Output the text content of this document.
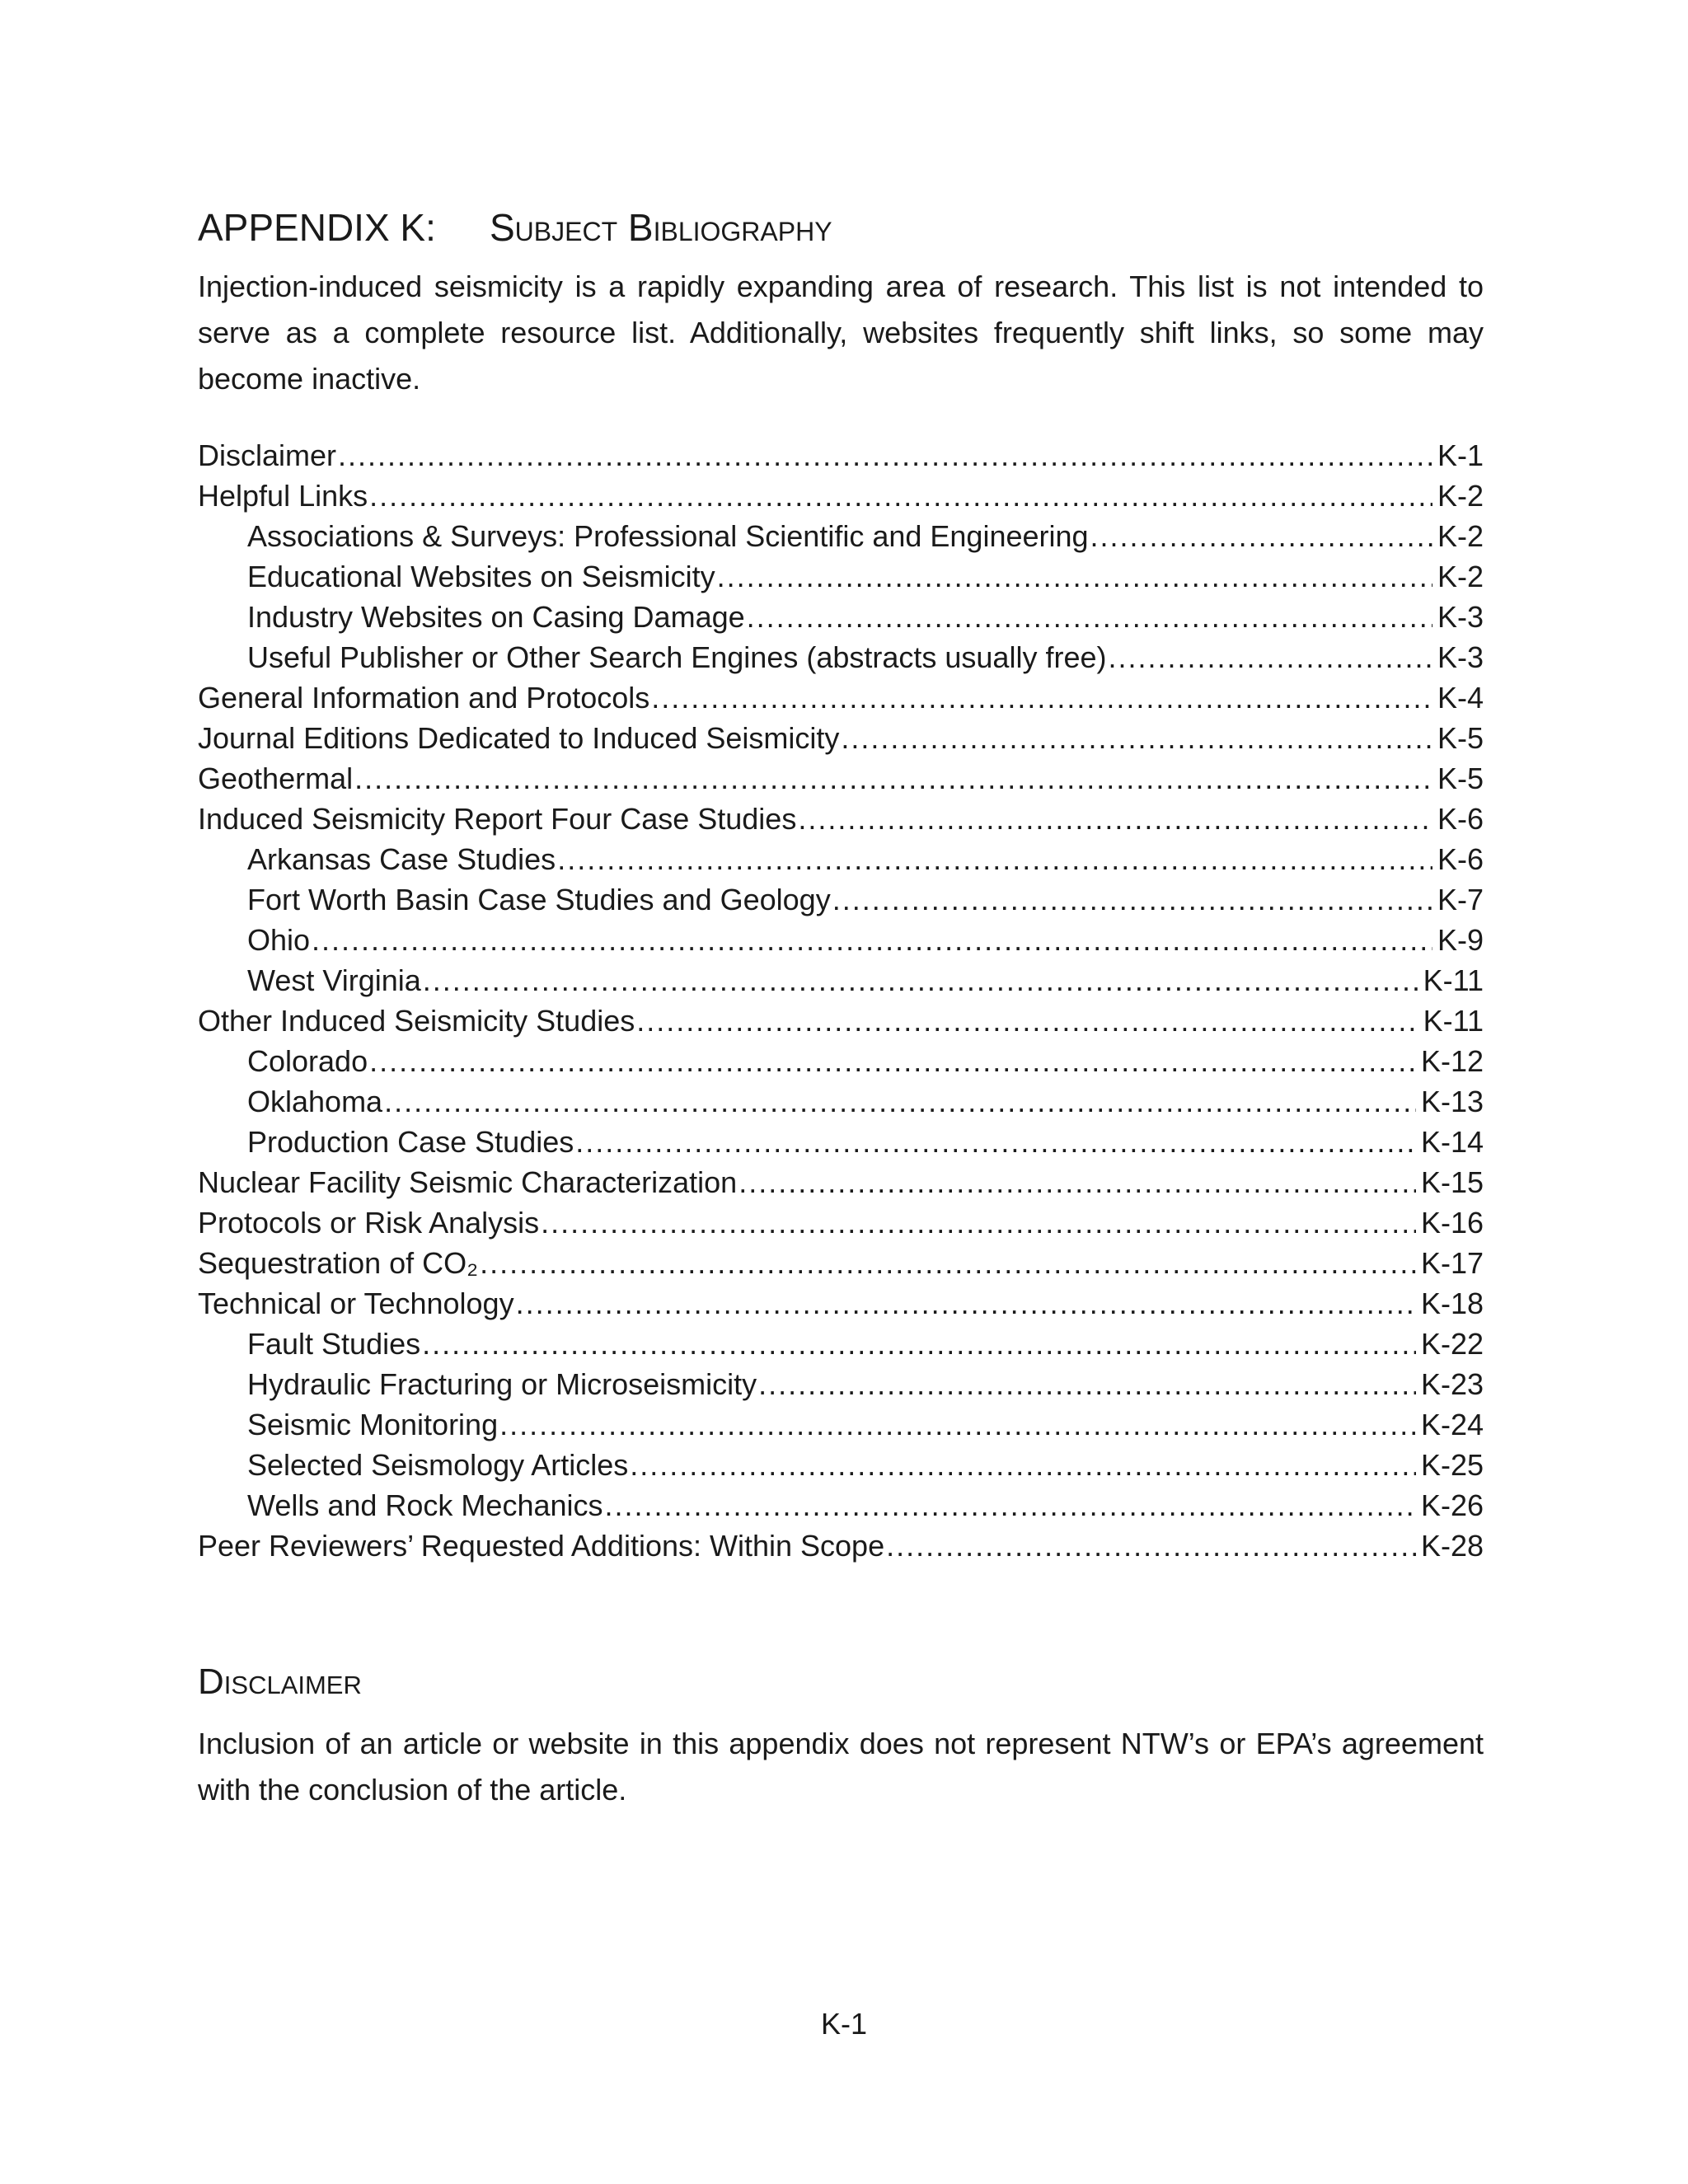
APPENDIX K: Subject Bibliography

Injection-induced seismicity is a rapidly expanding area of research. This list is not intended to serve as a complete resource list. Additionally, websites frequently shift links, so some may become inactive.

Disclaimer .....	K-1
Helpful Links .....	K-2
Associations & Surveys: Professional Scientific and Engineering .....	K-2
Educational Websites on Seismicity .....	K-2
Industry Websites on Casing Damage .....	K-3
Useful Publisher or Other Search Engines (abstracts usually free) .....	K-3
General Information and Protocols .....	K-4
Journal Editions Dedicated to Induced Seismicity .....	K-5
Geothermal .....	K-5
Induced Seismicity Report Four Case Studies .....	K-6
Arkansas Case Studies .....	K-6
Fort Worth Basin Case Studies and Geology .....	K-7
Ohio .....	K-9
West Virginia .....	K-11
Other Induced Seismicity Studies .....	K-11
Colorado .....	K-12
Oklahoma .....	K-13
Production Case Studies .....	K-14
Nuclear Facility Seismic Characterization .....	K-15
Protocols or Risk Analysis .....	K-16
Sequestration of CO₂ .....	K-17
Technical or Technology .....	K-18
Fault Studies .....	K-22
Hydraulic Fracturing or Microseismicity .....	K-23
Seismic Monitoring .....	K-24
Selected Seismology Articles .....	K-25
Wells and Rock Mechanics .....	K-26
Peer Reviewers’ Requested Additions: Within Scope .....	K-28
Disclaimer

Inclusion of an article or website in this appendix does not represent NTW’s or EPA’s agreement with the conclusion of the article.

K-1
